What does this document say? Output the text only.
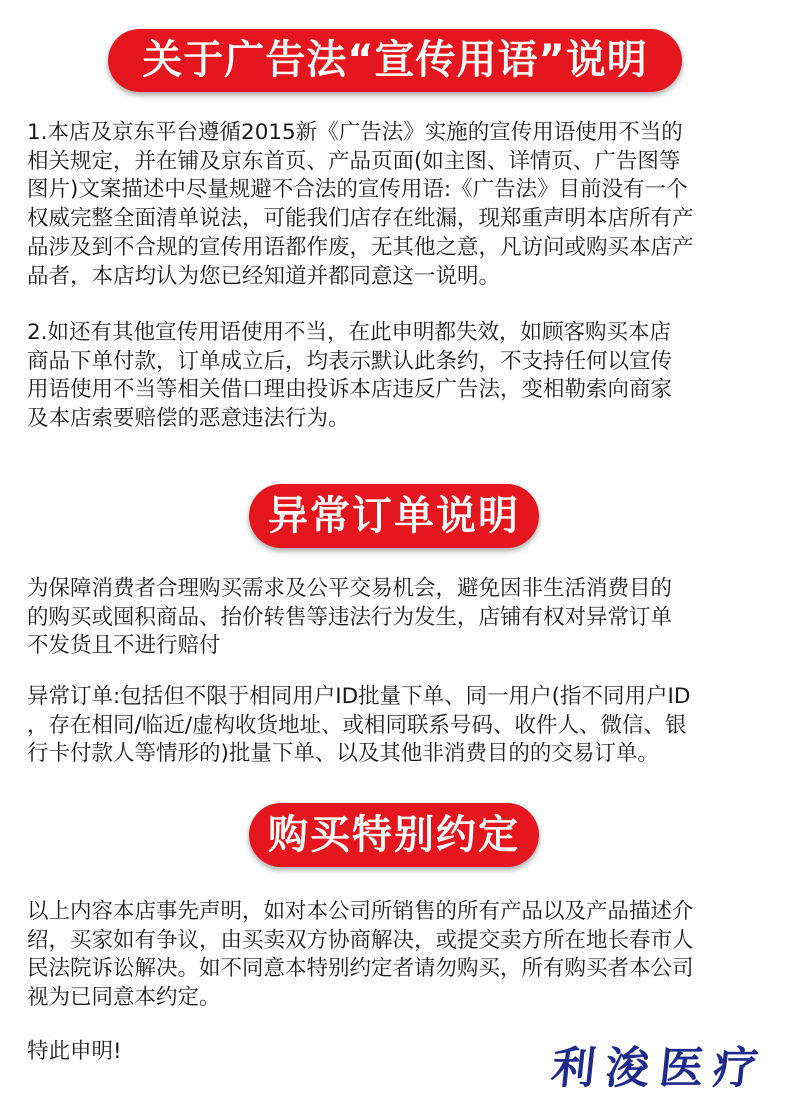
关于广告法“宣传用语”说明

1.本店及京东平台遵循2015新《广告法》实施的宣传用语使用不当的
相关规定，并在铺及京东首页、产品页面(如主图、详情页、广告图等
图片)文案描述中尽量规避不合法的宣传用语:《广告法》目前没有一个
权威完整全面清单说法，可能我们店存在纰漏，现郑重声明本店所有产
品涉及到不合规的宣传用语都作废，无其他之意，凡访问或购买本店产
品者，本店均认为您已经知道并都同意这一说明。

2.如还有其他宣传用语使用不当，在此申明都失效，如顾客购买本店
商品下单付款，订单成立后，均表示默认此条约，不支持任何以宣传
用语使用不当等相关借口理由投诉本店违反广告法，变相勒索向商家
及本店索要赔偿的恶意违法行为。

异常订单说明

为保障消费者合理购买需求及公平交易机会，避免因非生活消费目的
的购买或囤积商品、抬价转售等违法行为发生，店铺有权对异常订单
不发货且不进行赔付

异常订单:包括但不限于相同用户ID批量下单、同一用户(指不同用户ID
，存在相同/临近/虚构收货地址、或相同联系号码、收件人、微信、银
行卡付款人等情形的)批量下单、以及其他非消费目的的交易订单。

购买特别约定

以上内容本店事先声明，如对本公司所销售的所有产品以及产品描述介
绍，买家如有争议，由买卖双方协商解决，或提交卖方所在地长春市人
民法院诉讼解决。如不同意本特别约定者请勿购买，所有购买者本公司
视为已同意本约定。

特此申明!	利浚医疗
